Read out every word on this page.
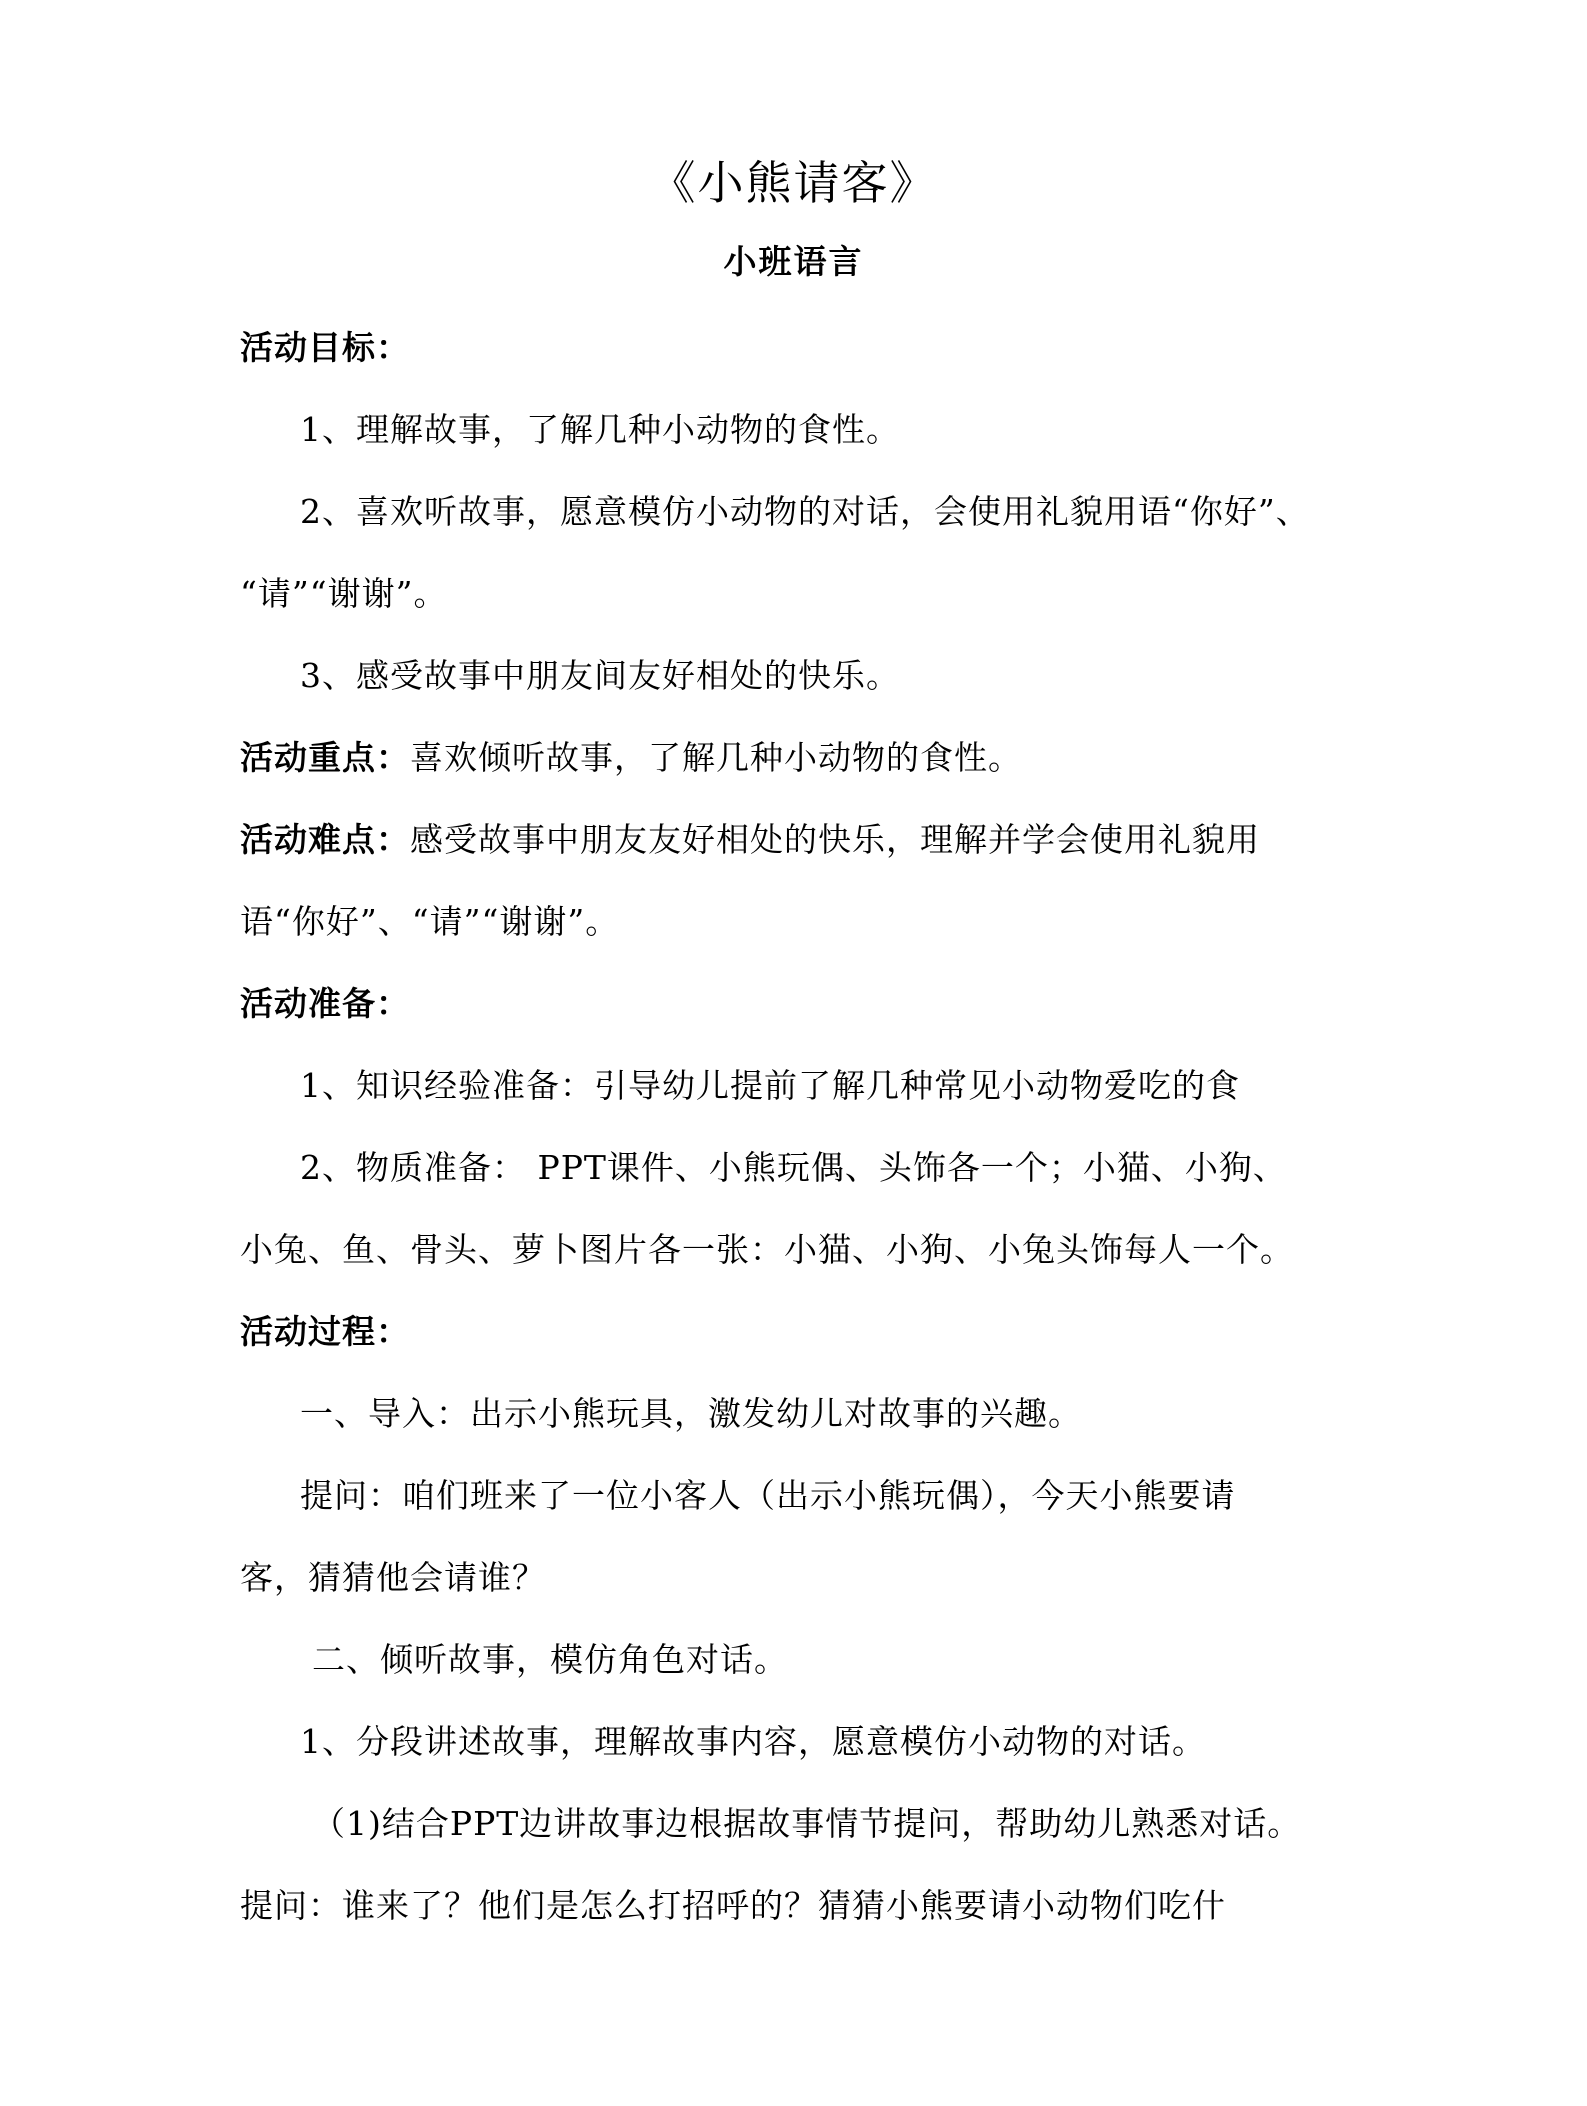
《小熊请客》
小班语言
活动目标：
1、理解故事，了解几种小动物的食性。
2、喜欢听故事，愿意模仿小动物的对话，会使用礼貌用语“你好”、
“请”“谢谢”。
3、感受故事中朋友间友好相处的快乐。
活动重点：喜欢倾听故事，了解几种小动物的食性。
活动难点：感受故事中朋友友好相处的快乐，理解并学会使用礼貌用
语“你好”、“请”“谢谢”。
活动准备：
1、知识经验准备：引导幼儿提前了解几种常见小动物爱吃的食
2、物质准备： PPT课件、小熊玩偶、头饰各一个；小猫、小狗、
小兔、鱼、骨头、萝卜图片各一张：小猫、小狗、小兔头饰每人一个。
活动过程：
一、导入：出示小熊玩具，激发幼儿对故事的兴趣。
提问：咱们班来了一位小客人（出示小熊玩偶），今天小熊要请
客，猜猜他会请谁？
二、倾听故事，模仿角色对话。
1、分段讲述故事，理解故事内容，愿意模仿小动物的对话。
（1)结合PPT边讲故事边根据故事情节提问，帮助幼儿熟悉对话。
提问：谁来了？他们是怎么打招呼的？猜猜小熊要请小动物们吃什
